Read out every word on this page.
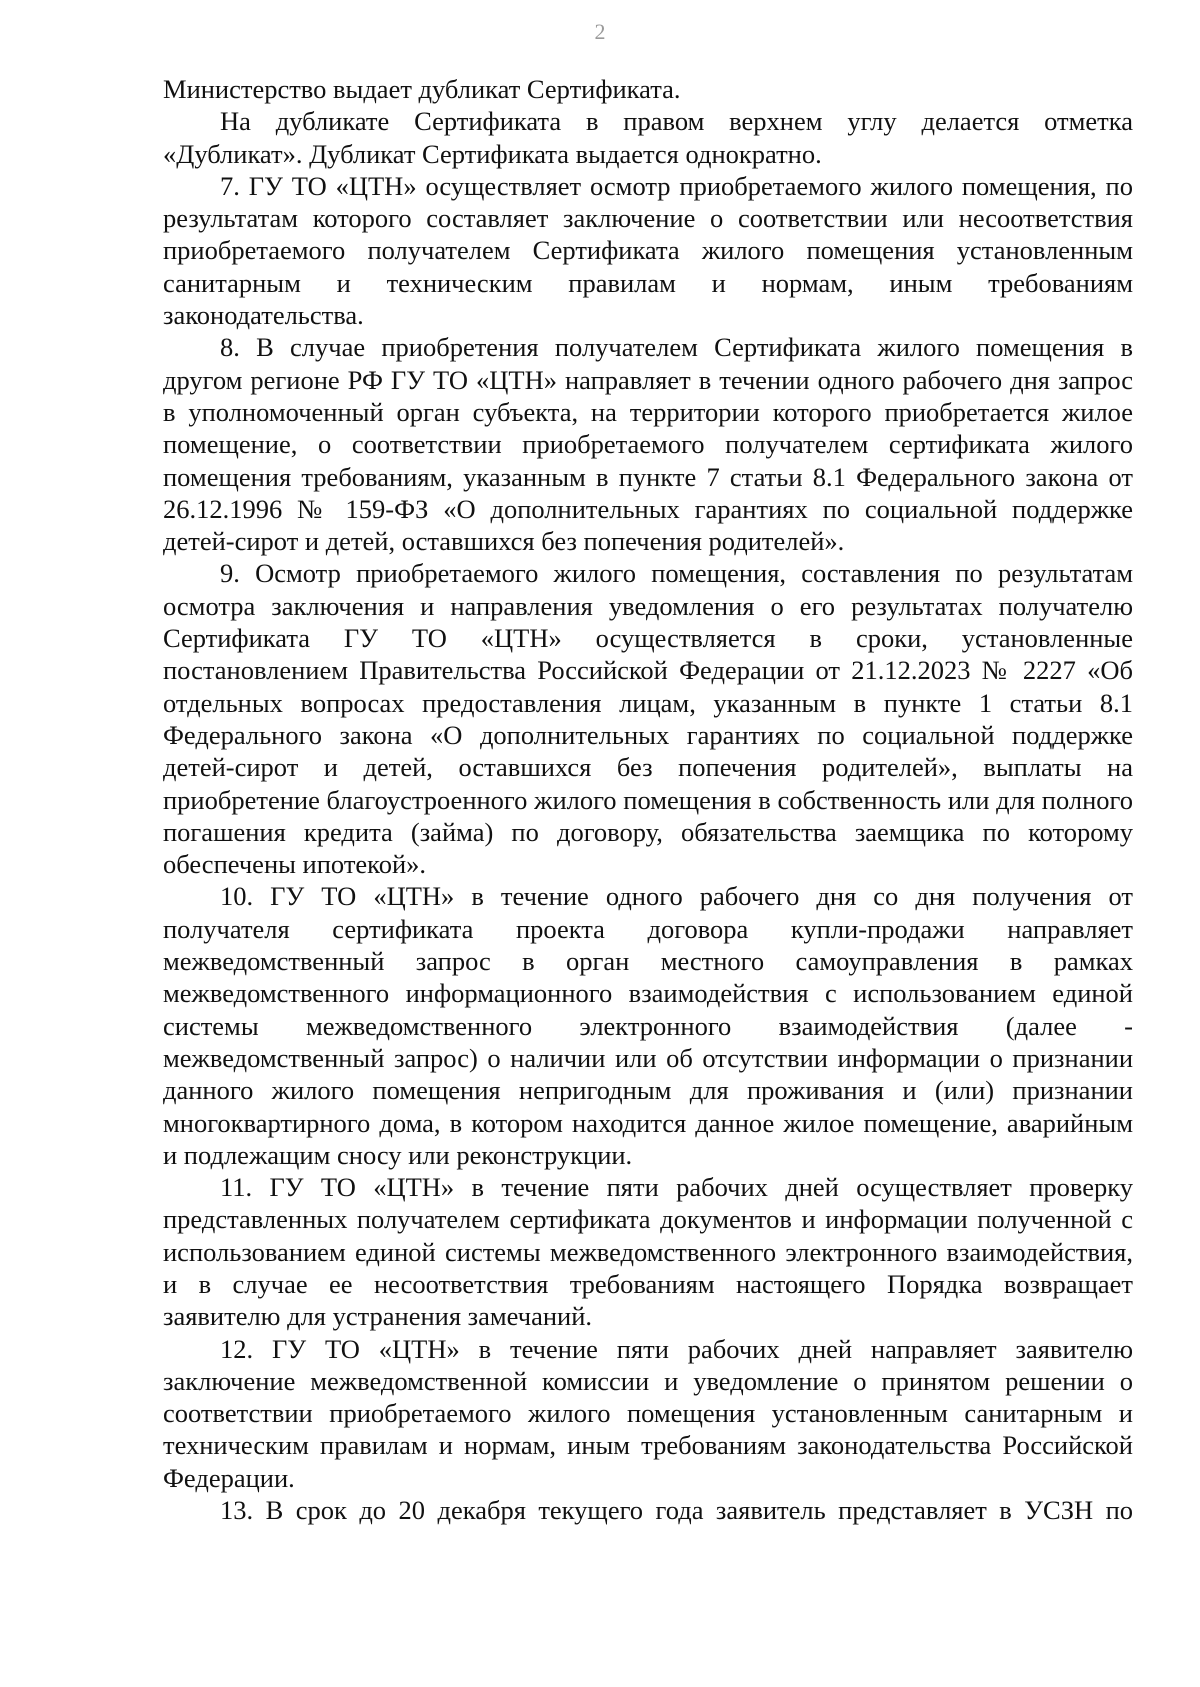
2

Министерство выдает дубликат Сертификата.

На дубликате Сертификата в правом верхнем углу делается отметка «Дубликат». Дубликат Сертификата выдается однократно.

7. ГУ ТО «ЦТН» осуществляет осмотр приобретаемого жилого помещения, по результатам которого составляет заключение о соответствии или несоответствия приобретаемого получателем Сертификата жилого помещения установленным санитарным и техническим правилам и нормам, иным требованиям законодательства.

8. В случае приобретения получателем Сертификата жилого помещения в другом регионе РФ ГУ ТО «ЦТН» направляет в течении одного рабочего дня запрос в уполномоченный орган субъекта, на территории которого приобретается жилое помещение, о соответствии приобретаемого получателем сертификата жилого помещения требованиям, указанным в пункте 7 статьи 8.1 Федерального закона от 26.12.1996 № 159-ФЗ «О дополнительных гарантиях по социальной поддержке детей-сирот и детей, оставшихся без попечения родителей».

9. Осмотр приобретаемого жилого помещения, составления по результатам осмотра заключения и направления уведомления о его результатах получателю Сертификата ГУ ТО «ЦТН» осуществляется в сроки, установленные постановлением Правительства Российской Федерации от 21.12.2023 № 2227 «Об отдельных вопросах предоставления лицам, указанным в пункте 1 статьи 8.1 Федерального закона «О дополнительных гарантиях по социальной поддержке детей-сирот и детей, оставшихся без попечения родителей», выплаты на приобретение благоустроенного жилого помещения в собственность или для полного погашения кредита (займа) по договору, обязательства заемщика по которому обеспечены ипотекой».

10. ГУ ТО «ЦТН» в течение одного рабочего дня со дня получения от получателя сертификата проекта договора купли-продажи направляет межведомственный запрос в орган местного самоуправления в рамках межведомственного информационного взаимодействия с использованием единой системы межведомственного электронного взаимодействия (далее - межведомственный запрос) о наличии или об отсутствии информации о признании данного жилого помещения непригодным для проживания и (или) признании многоквартирного дома, в котором находится данное жилое помещение, аварийным и подлежащим сносу или реконструкции.

11. ГУ ТО «ЦТН» в течение пяти рабочих дней осуществляет проверку представленных получателем сертификата документов и информации полученной с использованием единой системы межведомственного электронного взаимодействия, и в случае ее несоответствия требованиям настоящего Порядка возвращает заявителю для устранения замечаний.

12. ГУ ТО «ЦТН» в течение пяти рабочих дней направляет заявителю заключение межведомственной комиссии и уведомление о принятом решении о соответствии приобретаемого жилого помещения установленным санитарным и техническим правилам и нормам, иным требованиям законодательства Российской Федерации.

13. В срок до 20 декабря текущего года заявитель представляет в УСЗН по
